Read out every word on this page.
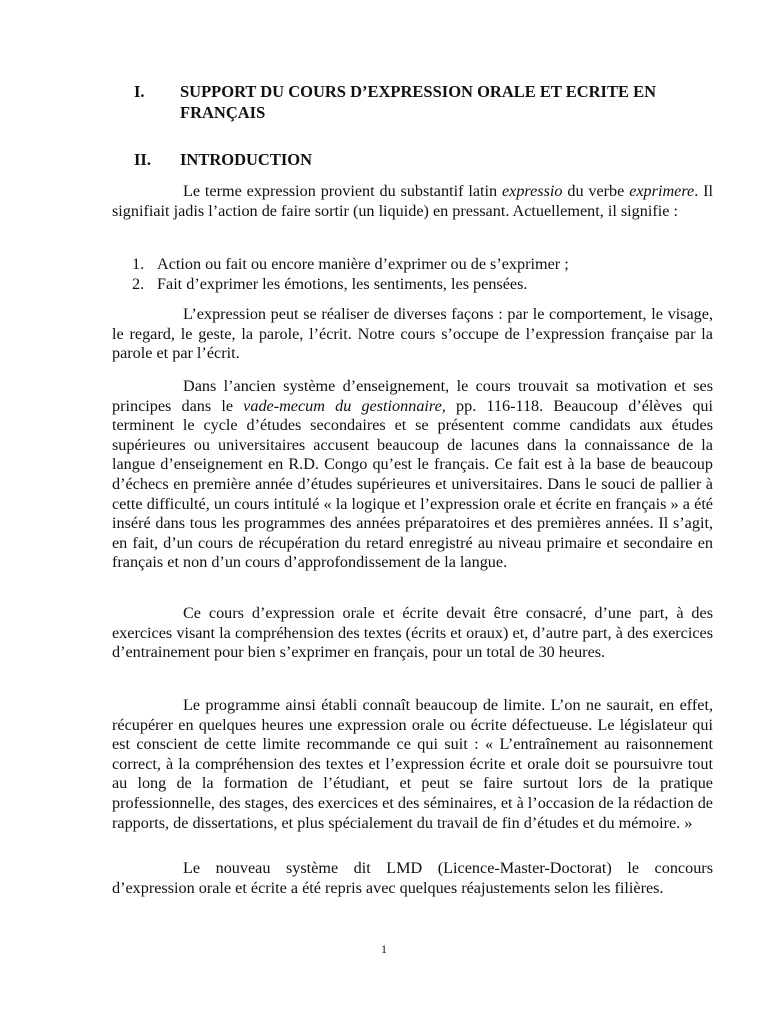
I. SUPPORT DU COURS D’EXPRESSION ORALE ET ECRITE EN FRANÇAIS
II. INTRODUCTION

Le terme expression provient du substantif latin expressio du verbe exprimere. Il signifiait jadis l’action de faire sortir (un liquide) en pressant. Actuellement, il signifie :

1. Action ou fait ou encore manière d’exprimer ou de s’exprimer ;
2. Fait d’exprimer les émotions, les sentiments, les pensées.

L’expression peut se réaliser de diverses façons : par le comportement, le visage, le regard, le geste, la parole, l’écrit. Notre cours s’occupe de l’expression française par la parole et par l’écrit.

Dans l’ancien système d’enseignement, le cours trouvait sa motivation et ses principes dans le vade-mecum du gestionnaire, pp. 116-118. Beaucoup d’élèves qui terminent le cycle d’études secondaires et se présentent comme candidats aux études supérieures ou universitaires accusent beaucoup de lacunes dans la connaissance de la langue d’enseignement en R.D. Congo qu’est le français. Ce fait est à la base de beaucoup d’échecs en première année d’études supérieures et universitaires. Dans le souci de pallier à cette difficulté, un cours intitulé « la logique et l’expression orale et écrite en français » a été inséré dans tous les programmes des années préparatoires et des premières années. Il s’agit, en fait, d’un cours de récupération du retard enregistré au niveau primaire et secondaire en français et non d’un cours d’approfondissement de la langue.

Ce cours d’expression orale et écrite devait être consacré, d’une part, à des exercices visant la compréhension des textes (écrits et oraux) et, d’autre part, à des exercices d’entrainement pour bien s’exprimer en français, pour un total de 30 heures.

Le programme ainsi établi connaît beaucoup de limite. L’on ne saurait, en effet, récupérer en quelques heures une expression orale ou écrite défectueuse. Le législateur qui est conscient de cette limite recommande ce qui suit : « L’entraînement au raisonnement correct, à la compréhension des textes et l’expression écrite et orale doit se poursuivre tout au long de la formation de l’étudiant, et peut se faire surtout lors de la pratique professionnelle, des stages, des exercices et des séminaires, et à l’occasion de la rédaction de rapports, de dissertations, et plus spécialement du travail de fin d’études et du mémoire. »

Le nouveau système dit LMD (Licence-Master-Doctorat) le concours d’expression orale et écrite a été repris avec quelques réajustements selon les filières.

1
